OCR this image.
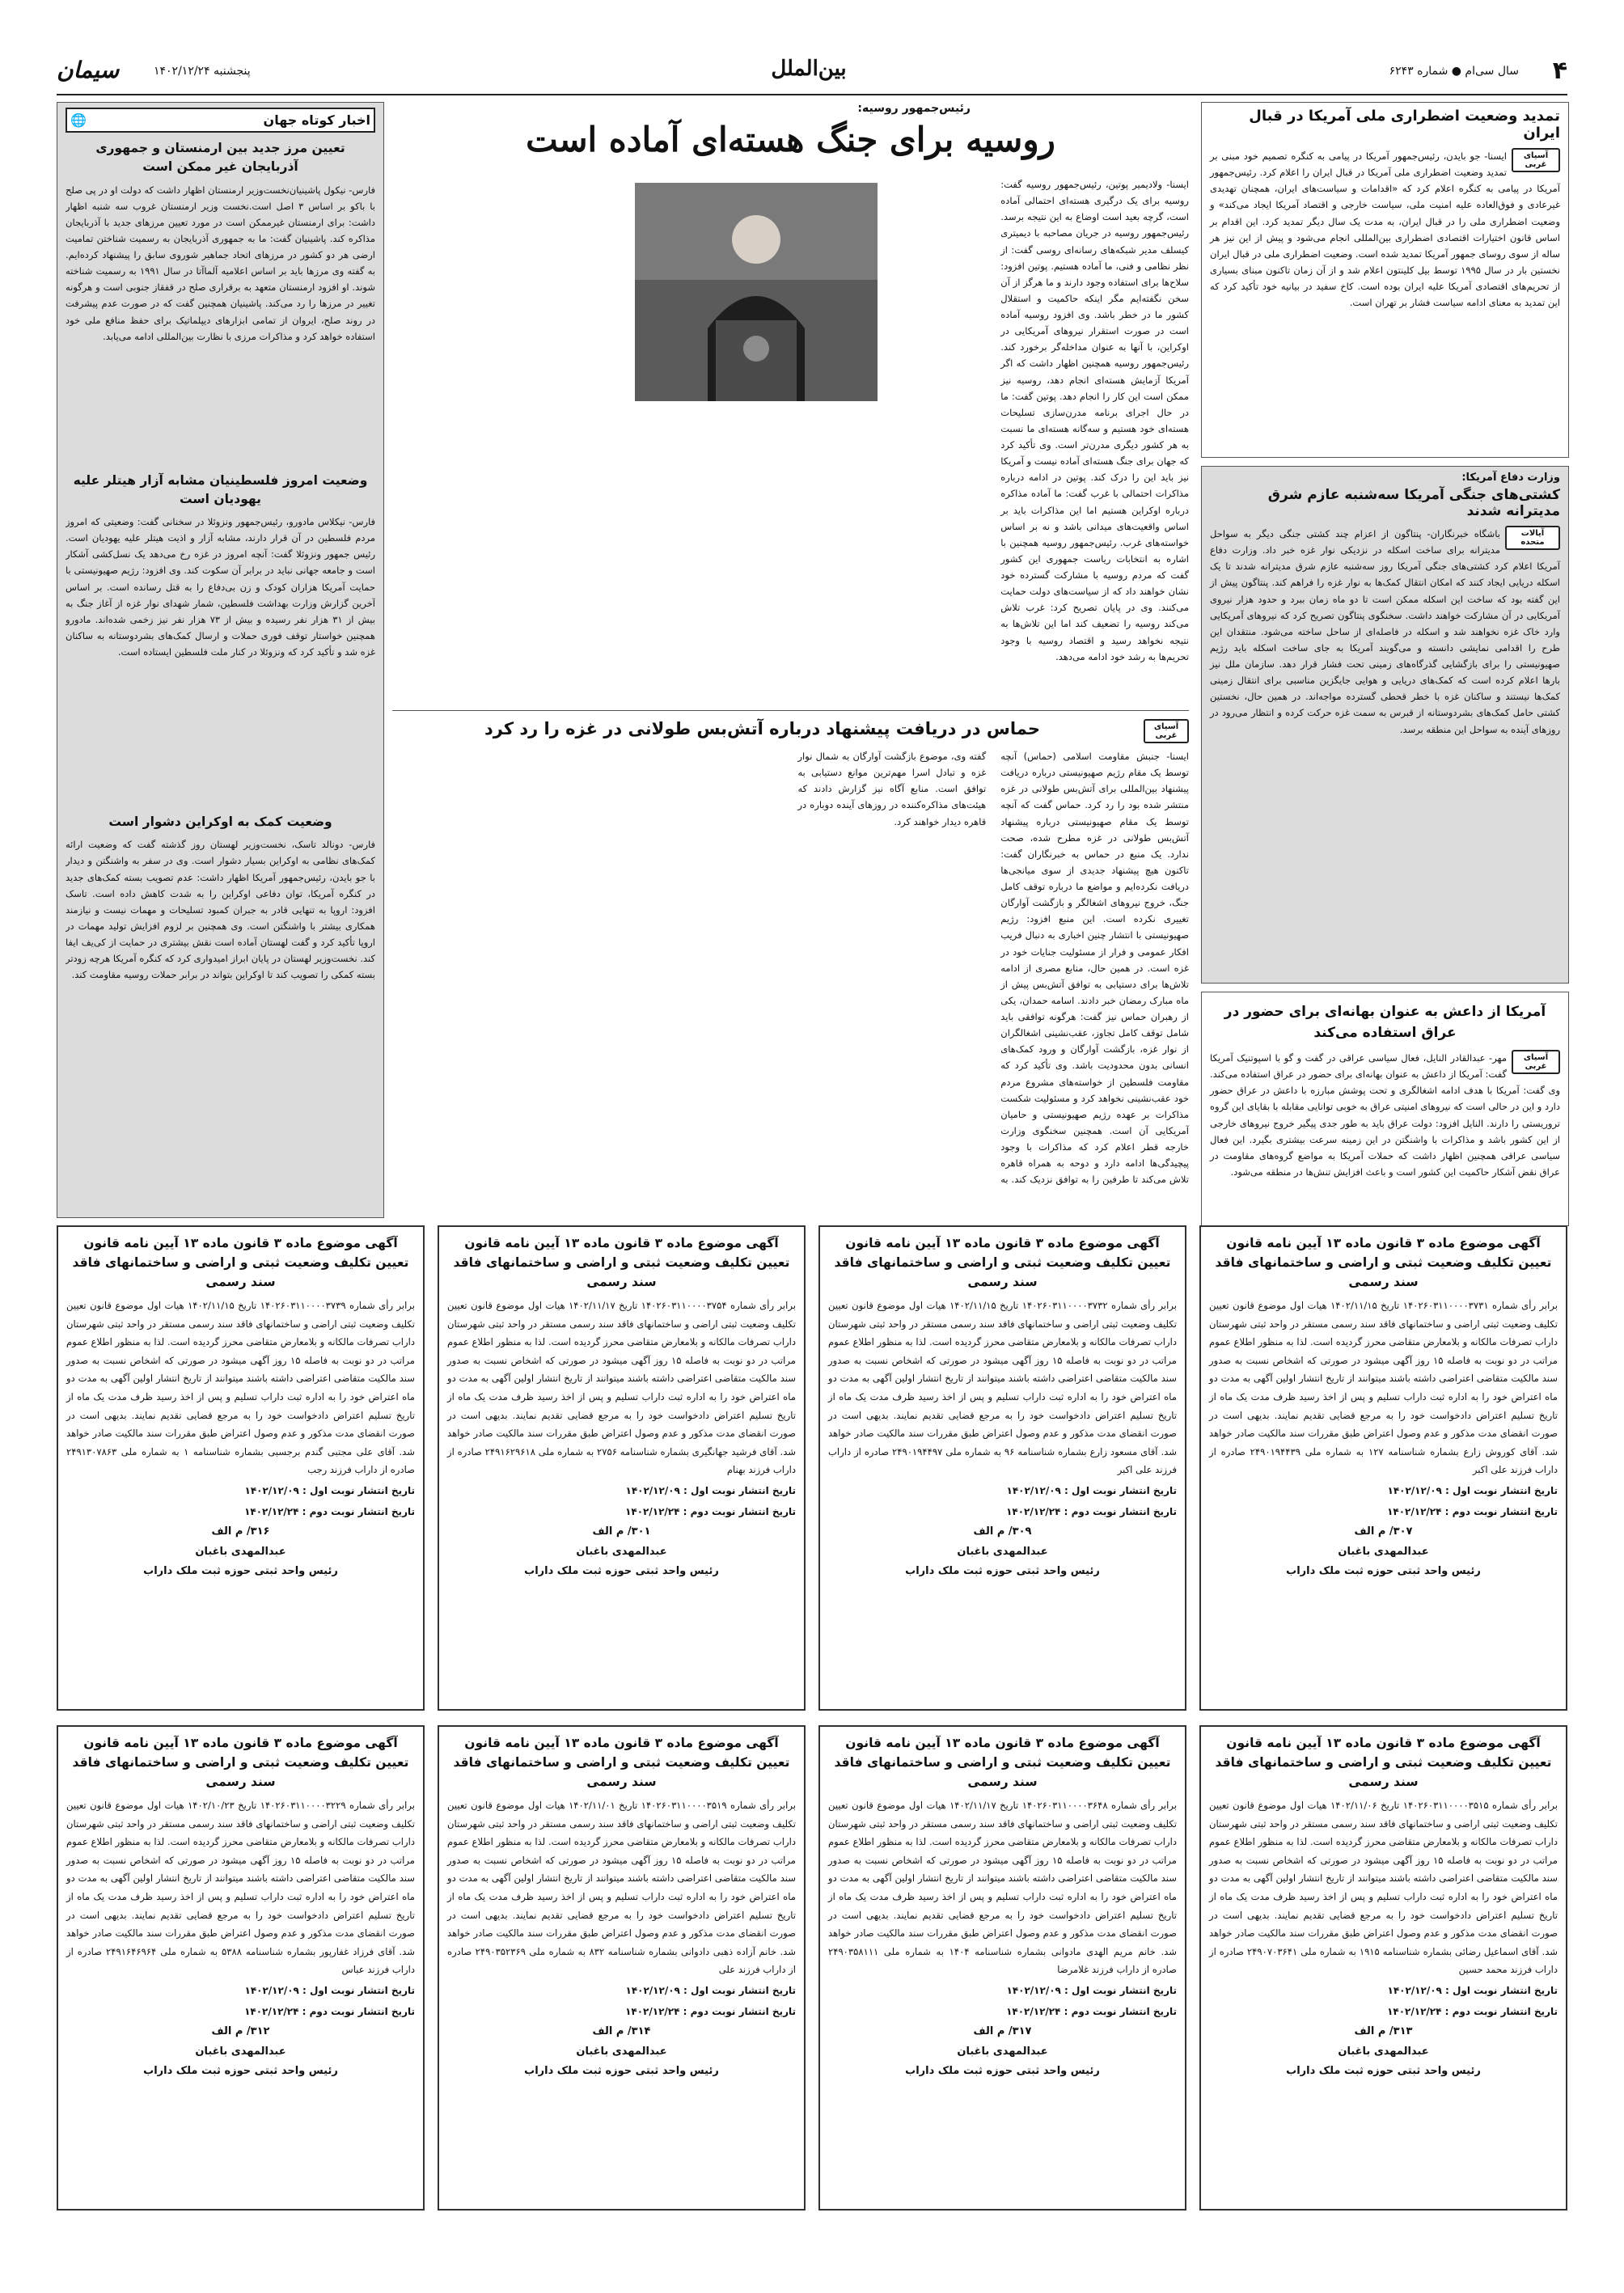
۴
سال سی‌ام ● شماره ۶۲۴۳
بین‌الملل
پنجشنبه ۱۴۰۲/۱۲/۲۴
سیمان
تمدید وضعیت اضطراری ملی آمریکا در قبال ایران
آسیای غربی

ایسنا- جو بایدن، رئیس‌جمهور آمریکا در پیامی به کنگره تصمیم خود مبنی بر تمدید وضعیت اضطراری ملی آمریکا در قبال ایران را اعلام کرد. رئیس‌جمهور آمریکا در پیامی به کنگره اعلام کرد که «اقدامات و سیاست‌های ایران، همچنان تهدیدی غیرعادی و فوق‌العاده علیه امنیت ملی، سیاست خارجی و اقتصاد آمریکا ایجاد می‌کند» و وضعیت اضطراری ملی را در قبال ایران، به مدت یک سال دیگر تمدید کرد. این اقدام بر اساس قانون اختیارات اقتصادی اضطراری بین‌المللی انجام می‌شود و پیش از این نیز هر ساله از سوی روسای جمهور آمریکا تمدید شده است. وضعیت اضطراری ملی در قبال ایران نخستین بار در سال ۱۹۹۵ توسط بیل کلینتون اعلام شد و از آن زمان تاکنون مبنای بسیاری از تحریم‌های اقتصادی آمریکا علیه ایران بوده است. کاخ سفید در بیانیه خود تأکید کرد که این تمدید به معنای ادامه سیاست فشار بر تهران است.

وزارت دفاع آمریکا:
کشتی‌های جنگی آمریکا سه‌شنبه عازم شرق مدیترانه شدند
آیالات متحده

باشگاه خبرنگاران- پنتاگون از اعزام چند کشتی جنگی دیگر به سواحل مدیترانه برای ساخت اسکله در نزدیکی نوار غزه خبر داد. وزارت دفاع آمریکا اعلام کرد کشتی‌های جنگی آمریکا روز سه‌شنبه عازم شرق مدیترانه شدند تا یک اسکله دریایی ایجاد کنند که امکان انتقال کمک‌ها به نوار غزه را فراهم کند. پنتاگون پیش از این گفته بود که ساخت این اسکله ممکن است تا دو ماه زمان ببرد و حدود هزار نیروی آمریکایی در آن مشارکت خواهند داشت. سخنگوی پنتاگون تصریح کرد که نیروهای آمریکایی وارد خاک غزه نخواهند شد و اسکله در فاصله‌ای از ساحل ساخته می‌شود. منتقدان این طرح را اقدامی نمایشی دانسته و می‌گویند آمریکا به جای ساخت اسکله باید رژیم صهیونیستی را برای بازگشایی گذرگاه‌های زمینی تحت فشار قرار دهد. سازمان ملل نیز بارها اعلام کرده است که کمک‌های دریایی و هوایی جایگزین مناسبی برای انتقال زمینی کمک‌ها نیستند و ساکنان غزه با خطر قحطی گسترده مواجه‌اند. در همین حال، نخستین کشتی حامل کمک‌های بشردوستانه از قبرس به سمت غزه حرکت کرده و انتظار می‌رود در روزهای آینده به سواحل این منطقه برسد.

آمریکا از داعش به عنوان بهانه‌ای برای حضور در عراق استفاده می‌کند
آسیای غربی

مهر- عبدالقادر النایل، فعال سیاسی عراقی در گفت و گو با اسپوتنیک آمریکا گفت: آمریکا از داعش به عنوان بهانه‌ای برای حضور در عراق استفاده می‌کند. وی گفت: آمریکا با هدف ادامه اشغالگری و تحت پوشش مبارزه با داعش در عراق حضور دارد و این در حالی است که نیروهای امنیتی عراق به خوبی توانایی مقابله با بقایای این گروه تروریستی را دارند. النایل افزود: دولت عراق باید به طور جدی پیگیر خروج نیروهای خارجی از این کشور باشد و مذاکرات با واشنگتن در این زمینه سرعت بیشتری بگیرد. این فعال سیاسی عراقی همچنین اظهار داشت که حملات آمریکا به مواضع گروه‌های مقاومت در عراق نقض آشکار حاکمیت این کشور است و باعث افزایش تنش‌ها در منطقه می‌شود.

رئیس‌جمهور روسیه:
روسیه برای جنگ هسته‌ای آماده است

ایسنا- ولادیمیر پوتین، رئیس‌جمهور روسیه گفت: روسیه برای یک درگیری هسته‌ای احتمالی آماده است، گرچه بعید است اوضاع به این نتیجه برسد. رئیس‌جمهور روسیه در جریان مصاحبه با دیمیتری کیسلف مدیر شبکه‌های رسانه‌ای روسی گفت: از نظر نظامی و فنی، ما آماده هستیم. پوتین افزود: سلاح‌ها برای استفاده وجود دارند و ما هرگز از آن سخن نگفته‌ایم مگر اینکه حاکمیت و استقلال کشور ما در خطر باشد. وی افزود روسیه آماده است در صورت استقرار نیروهای آمریکایی در اوکراین، با آنها به عنوان مداخله‌گر برخورد کند. رئیس‌جمهور روسیه همچنین اظهار داشت که اگر آمریکا آزمایش هسته‌ای انجام دهد، روسیه نیز ممکن است این کار را انجام دهد. پوتین گفت: ما در حال اجرای برنامه مدرن‌سازی تسلیحات هسته‌ای خود هستیم و سه‌گانه هسته‌ای ما نسبت به هر کشور دیگری مدرن‌تر است. وی تأکید کرد که جهان برای جنگ هسته‌ای آماده نیست و آمریکا نیز باید این را درک کند. پوتین در ادامه درباره مذاکرات احتمالی با غرب گفت: ما آماده مذاکره درباره اوکراین هستیم اما این مذاکرات باید بر اساس واقعیت‌های میدانی باشد و نه بر اساس خواسته‌های غرب. رئیس‌جمهور روسیه همچنین با اشاره به انتخابات ریاست جمهوری این کشور گفت که مردم روسیه با مشارکت گسترده خود نشان خواهند داد که از سیاست‌های دولت حمایت می‌کنند. وی در پایان تصریح کرد: غرب تلاش می‌کند روسیه را تضعیف کند اما این تلاش‌ها به نتیجه نخواهد رسید و اقتصاد روسیه با وجود تحریم‌ها به رشد خود ادامه می‌دهد.

🌐	اخبار کوتاه جهان
تعیین مرز جدید بین ارمنستان و جمهوری آذربایجان غیر ممکن است

فارس- نیکول پاشینیان‌نخست‌وزیر ارمنستان اظهار داشت که دولت او در پی صلح با باکو بر اساس ۳ اصل است.نخست وزیر ارمنستان غروب سه شنبه اظهار داشت: برای ارمنستان غیرممکن است در مورد تعیین مرزهای جدید با آذربایجان مذاکره کند. پاشینیان گفت: ما به جمهوری آذربایجان به رسمیت شناختن تمامیت ارضی هر دو کشور در مرزهای اتحاد جماهیر شوروی سابق را پیشنهاد کرده‌ایم. به گفته وی مرزها باید بر اساس اعلامیه آلماآتا در سال ۱۹۹۱ به رسمیت شناخته شوند. او افزود ارمنستان متعهد به برقراری صلح در قفقاز جنوبی است و هرگونه تغییر در مرزها را رد می‌کند. پاشینیان همچنین گفت که در صورت عدم پیشرفت در روند صلح، ایروان از تمامی ابزارهای دیپلماتیک برای حفظ منافع ملی خود استفاده خواهد کرد و مذاکرات مرزی با نظارت بین‌المللی ادامه می‌یابد.

وضعیت امروز فلسطینیان مشابه آزار هیتلر علیه یهودیان است

فارس- نیکلاس مادورو، رئیس‌جمهور ونزوئلا در سخنانی گفت: وضعیتی که امروز مردم فلسطین در آن قرار دارند، مشابه آزار و اذیت هیتلر علیه یهودیان است. رئیس جمهور ونزوئلا گفت: آنچه امروز در غزه رخ می‌دهد یک نسل‌کشی آشکار است و جامعه جهانی نباید در برابر آن سکوت کند. وی افزود: رژیم صهیونیستی با حمایت آمریکا هزاران کودک و زن بی‌دفاع را به قتل رسانده است. بر اساس آخرین گزارش وزارت بهداشت فلسطین، شمار شهدای نوار غزه از آغاز جنگ به بیش از ۳۱ هزار نفر رسیده و بیش از ۷۳ هزار نفر نیز زخمی شده‌اند. مادورو همچنین خواستار توقف فوری حملات و ارسال کمک‌های بشردوستانه به ساکنان غزه شد و تأکید کرد که ونزوئلا در کنار ملت فلسطین ایستاده است.

وضعیت کمک به اوکراین دشوار است

فارس- دونالد تاسک، نخست‌وزیر لهستان روز گذشته گفت که وضعیت ارائه کمک‌های نظامی به اوکراین بسیار دشوار است. وی در سفر به واشنگتن و دیدار با جو بایدن، رئیس‌جمهور آمریکا اظهار داشت: عدم تصویب بسته کمک‌های جدید در کنگره آمریکا، توان دفاعی اوکراین را به شدت کاهش داده است. تاسک افزود: اروپا به تنهایی قادر به جبران کمبود تسلیحات و مهمات نیست و نیازمند همکاری بیشتر با واشنگتن است. وی همچنین بر لزوم افزایش تولید مهمات در اروپا تأکید کرد و گفت لهستان آماده است نقش بیشتری در حمایت از کی‌یف ایفا کند. نخست‌وزیر لهستان در پایان ابراز امیدواری کرد که کنگره آمریکا هرچه زودتر بسته کمکی را تصویب کند تا اوکراین بتواند در برابر حملات روسیه مقاومت کند.

آسیای غربی
حماس در دریافت پیشنهاد درباره آتش‌بس طولانی در غزه را رد کرد

ایسنا- جنبش مقاومت اسلامی (حماس) آنچه توسط یک مقام رژیم صهیونیستی درباره دریافت پیشنهاد بین‌المللی برای آتش‌بس طولانی در غزه منتشر شده بود را رد کرد. حماس گفت که آنچه توسط یک مقام صهیونیستی درباره پیشنهاد آتش‌بس طولانی در غزه مطرح شده، صحت ندارد. یک منبع در حماس به خبرنگاران گفت: تاکنون هیچ پیشنهاد جدیدی از سوی میانجی‌ها دریافت نکرده‌ایم و مواضع ما درباره توقف کامل جنگ، خروج نیروهای اشغالگر و بازگشت آوارگان تغییری نکرده است. این منبع افزود: رژیم صهیونیستی با انتشار چنین اخباری به دنبال فریب افکار عمومی و فرار از مسئولیت جنایات خود در غزه است. در همین حال، منابع مصری از ادامه تلاش‌ها برای دستیابی به توافق آتش‌بس پیش از ماه مبارک رمضان خبر دادند. اسامه حمدان، یکی از رهبران حماس نیز گفت: هرگونه توافقی باید شامل توقف کامل تجاوز، عقب‌نشینی اشغالگران از نوار غزه، بازگشت آوارگان و ورود کمک‌های انسانی بدون محدودیت باشد. وی تأکید کرد که مقاومت فلسطین از خواسته‌های مشروع مردم خود عقب‌نشینی نخواهد کرد و مسئولیت شکست مذاکرات بر عهده رژیم صهیونیستی و حامیان آمریکایی آن است. همچنین سخنگوی وزارت خارجه قطر اعلام کرد که مذاکرات با وجود پیچیدگی‌ها ادامه دارد و دوحه به همراه قاهره تلاش می‌کند تا طرفین را به توافق نزدیک کند. به گفته وی، موضوع بازگشت آوارگان به شمال نوار غزه و تبادل اسرا مهم‌ترین موانع دستیابی به توافق است. منابع آگاه نیز گزارش دادند که هیئت‌های مذاکره‌کننده در روزهای آینده دوباره در قاهره دیدار خواهند کرد.

آگهی موضوع ماده ۳ قانون ماده ۱۳ آیین نامه قانون تعیین تکلیف وضعیت ثبتی و اراضی و ساختمانهای فاقد سند رسمی

برابر رأی شماره ۱۴۰۲۶۰۳۱۱۰۰۰۰۳۷۳۱ تاریخ ۱۴۰۲/۱۱/۱۵ هیات اول موضوع قانون تعیین تکلیف وضعیت ثبتی اراضی و ساختمانهای فاقد سند رسمی مستقر در واحد ثبتی شهرستان داراب تصرفات مالکانه و بلامعارض متقاضی محرز گردیده است. لذا به منظور اطلاع عموم مراتب در دو نوبت به فاصله ۱۵ روز آگهی میشود در صورتی که اشخاص نسبت به صدور سند مالکیت متقاضی اعتراضی داشته باشند میتوانند از تاریخ انتشار اولین آگهی به مدت دو ماه اعتراض خود را به اداره ثبت داراب تسلیم و پس از اخذ رسید ظرف مدت یک ماه از تاریخ تسلیم اعتراض دادخواست خود را به مرجع قضایی تقدیم نمایند. بدیهی است در صورت انقضای مدت مذکور و عدم وصول اعتراض طبق مقررات سند مالکیت صادر خواهد شد. آقای کوروش زارع بشماره شناسنامه ۱۲۷ به شماره ملی ۲۴۹۰۱۹۴۴۳۹ صادره از داراب فرزند علی اکبر

تاریخ انتشار نوبت اول : ۱۴۰۲/۱۲/۰۹
تاریخ انتشار نوبت دوم : ۱۴۰۲/۱۲/۲۴
۳۰۷/ م الف
عبدالمهدی باغبان
رئیس واحد ثبتی حوزه ثبت ملک داراب
آگهی موضوع ماده ۳ قانون ماده ۱۳ آیین نامه قانون تعیین تکلیف وضعیت ثبتی و اراضی و ساختمانهای فاقد سند رسمی

برابر رأی شماره ۱۴۰۲۶۰۳۱۱۰۰۰۰۳۷۳۲ تاریخ ۱۴۰۲/۱۱/۱۵ هیات اول موضوع قانون تعیین تکلیف وضعیت ثبتی اراضی و ساختمانهای فاقد سند رسمی مستقر در واحد ثبتی شهرستان داراب تصرفات مالکانه و بلامعارض متقاضی محرز گردیده است. لذا به منظور اطلاع عموم مراتب در دو نوبت به فاصله ۱۵ روز آگهی میشود در صورتی که اشخاص نسبت به صدور سند مالکیت متقاضی اعتراضی داشته باشند میتوانند از تاریخ انتشار اولین آگهی به مدت دو ماه اعتراض خود را به اداره ثبت داراب تسلیم و پس از اخذ رسید ظرف مدت یک ماه از تاریخ تسلیم اعتراض دادخواست خود را به مرجع قضایی تقدیم نمایند. بدیهی است در صورت انقضای مدت مذکور و عدم وصول اعتراض طبق مقررات سند مالکیت صادر خواهد شد. آقای مسعود زارع بشماره شناسنامه ۹۶ به شماره ملی ۲۴۹۰۱۹۴۴۹۷ صادره از داراب فرزند علی اکبر

تاریخ انتشار نوبت اول : ۱۴۰۲/۱۲/۰۹
تاریخ انتشار نوبت دوم : ۱۴۰۲/۱۲/۲۴
۳۰۹/ م الف
عبدالمهدی باغبان
رئیس واحد ثبتی حوزه ثبت ملک داراب
آگهی موضوع ماده ۳ قانون ماده ۱۳ آیین نامه قانون تعیین تکلیف وضعیت ثبتی و اراضی و ساختمانهای فاقد سند رسمی

برابر رأی شماره ۱۴۰۲۶۰۳۱۱۰۰۰۰۳۷۵۴ تاریخ ۱۴۰۲/۱۱/۱۷ هیات اول موضوع قانون تعیین تکلیف وضعیت ثبتی اراضی و ساختمانهای فاقد سند رسمی مستقر در واحد ثبتی شهرستان داراب تصرفات مالکانه و بلامعارض متقاضی محرز گردیده است. لذا به منظور اطلاع عموم مراتب در دو نوبت به فاصله ۱۵ روز آگهی میشود در صورتی که اشخاص نسبت به صدور سند مالکیت متقاضی اعتراضی داشته باشند میتوانند از تاریخ انتشار اولین آگهی به مدت دو ماه اعتراض خود را به اداره ثبت داراب تسلیم و پس از اخذ رسید ظرف مدت یک ماه از تاریخ تسلیم اعتراض دادخواست خود را به مرجع قضایی تقدیم نمایند. بدیهی است در صورت انقضای مدت مذکور و عدم وصول اعتراض طبق مقررات سند مالکیت صادر خواهد شد. آقای فرشید جهانگیری بشماره شناسنامه ۲۷۵۶ به شماره ملی ۲۴۹۱۶۲۹۶۱۸ صادره از داراب فرزند بهنام

تاریخ انتشار نوبت اول : ۱۴۰۲/۱۲/۰۹
تاریخ انتشار نوبت دوم : ۱۴۰۲/۱۲/۲۴
۳۰۱/ م الف
عبدالمهدی باغبان
رئیس واحد ثبتی حوزه ثبت ملک داراب
آگهی موضوع ماده ۳ قانون ماده ۱۳ آیین نامه قانون تعیین تکلیف وضعیت ثبتی و اراضی و ساختمانهای فاقد سند رسمی

برابر رأی شماره ۱۴۰۲۶۰۳۱۱۰۰۰۰۳۷۳۹ تاریخ ۱۴۰۲/۱۱/۱۵ هیات اول موضوع قانون تعیین تکلیف وضعیت ثبتی اراضی و ساختمانهای فاقد سند رسمی مستقر در واحد ثبتی شهرستان داراب تصرفات مالکانه و بلامعارض متقاضی محرز گردیده است. لذا به منظور اطلاع عموم مراتب در دو نوبت به فاصله ۱۵ روز آگهی میشود در صورتی که اشخاص نسبت به صدور سند مالکیت متقاضی اعتراضی داشته باشند میتوانند از تاریخ انتشار اولین آگهی به مدت دو ماه اعتراض خود را به اداره ثبت داراب تسلیم و پس از اخذ رسید ظرف مدت یک ماه از تاریخ تسلیم اعتراض دادخواست خود را به مرجع قضایی تقدیم نمایند. بدیهی است در صورت انقضای مدت مذکور و عدم وصول اعتراض طبق مقررات سند مالکیت صادر خواهد شد. آقای علی مجتبی گندم برجسبی بشماره شناسنامه ۱ به شماره ملی ۲۴۹۱۳۰۷۸۶۳ صادره از داراب فرزند رجب

تاریخ انتشار نوبت اول : ۱۴۰۲/۱۲/۰۹
تاریخ انتشار نوبت دوم : ۱۴۰۲/۱۲/۲۴
۳۱۶/ م الف
عبدالمهدی باغبان
رئیس واحد ثبتی حوزه ثبت ملک داراب
آگهی موضوع ماده ۳ قانون ماده ۱۳ آیین نامه قانون تعیین تکلیف وضعیت ثبتی و اراضی و ساختمانهای فاقد سند رسمی

برابر رأی شماره ۱۴۰۲۶۰۳۱۱۰۰۰۰۳۵۱۵ تاریخ ۱۴۰۲/۱۱/۰۶ هیات اول موضوع قانون تعیین تکلیف وضعیت ثبتی اراضی و ساختمانهای فاقد سند رسمی مستقر در واحد ثبتی شهرستان داراب تصرفات مالکانه و بلامعارض متقاضی محرز گردیده است. لذا به منظور اطلاع عموم مراتب در دو نوبت به فاصله ۱۵ روز آگهی میشود در صورتی که اشخاص نسبت به صدور سند مالکیت متقاضی اعتراضی داشته باشند میتوانند از تاریخ انتشار اولین آگهی به مدت دو ماه اعتراض خود را به اداره ثبت داراب تسلیم و پس از اخذ رسید ظرف مدت یک ماه از تاریخ تسلیم اعتراض دادخواست خود را به مرجع قضایی تقدیم نمایند. بدیهی است در صورت انقضای مدت مذکور و عدم وصول اعتراض طبق مقررات سند مالکیت صادر خواهد شد. آقای اسماعیل رضائی بشماره شناسنامه ۱۹۱۵ به شماره ملی ۲۴۹۰۷۰۳۶۴۱ صادره از داراب فرزند محمد حسین

تاریخ انتشار نوبت اول : ۱۴۰۲/۱۲/۰۹
تاریخ انتشار نوبت دوم : ۱۴۰۲/۱۲/۲۴
۳۱۳/ م الف
عبدالمهدی باغبان
رئیس واحد ثبتی حوزه ثبت ملک داراب
آگهی موضوع ماده ۳ قانون ماده ۱۳ آیین نامه قانون تعیین تکلیف وضعیت ثبتی و اراضی و ساختمانهای فاقد سند رسمی

برابر رأی شماره ۱۴۰۲۶۰۳۱۱۰۰۰۰۳۶۴۸ تاریخ ۱۴۰۲/۱۱/۱۷ هیات اول موضوع قانون تعیین تکلیف وضعیت ثبتی اراضی و ساختمانهای فاقد سند رسمی مستقر در واحد ثبتی شهرستان داراب تصرفات مالکانه و بلامعارض متقاضی محرز گردیده است. لذا به منظور اطلاع عموم مراتب در دو نوبت به فاصله ۱۵ روز آگهی میشود در صورتی که اشخاص نسبت به صدور سند مالکیت متقاضی اعتراضی داشته باشند میتوانند از تاریخ انتشار اولین آگهی به مدت دو ماه اعتراض خود را به اداره ثبت داراب تسلیم و پس از اخذ رسید ظرف مدت یک ماه از تاریخ تسلیم اعتراض دادخواست خود را به مرجع قضایی تقدیم نمایند. بدیهی است در صورت انقضای مدت مذکور و عدم وصول اعتراض طبق مقررات سند مالکیت صادر خواهد شد. خانم مریم الهدی مادوانی بشماره شناسنامه ۱۴۰۴ به شماره ملی ۲۴۹۰۳۵۸۱۱۱ صادره از داراب فرزند غلامرضا

تاریخ انتشار نوبت اول : ۱۴۰۲/۱۲/۰۹
تاریخ انتشار نوبت دوم : ۱۴۰۲/۱۲/۲۴
۳۱۷/ م الف
عبدالمهدی باغبان
رئیس واحد ثبتی حوزه ثبت ملک داراب
آگهی موضوع ماده ۳ قانون ماده ۱۳ آیین نامه قانون تعیین تکلیف وضعیت ثبتی و اراضی و ساختمانهای فاقد سند رسمی

برابر رأی شماره ۱۴۰۲۶۰۳۱۱۰۰۰۰۳۵۱۹ تاریخ ۱۴۰۲/۱۱/۰۱ هیات اول موضوع قانون تعیین تکلیف وضعیت ثبتی اراضی و ساختمانهای فاقد سند رسمی مستقر در واحد ثبتی شهرستان داراب تصرفات مالکانه و بلامعارض متقاضی محرز گردیده است. لذا به منظور اطلاع عموم مراتب در دو نوبت به فاصله ۱۵ روز آگهی میشود در صورتی که اشخاص نسبت به صدور سند مالکیت متقاضی اعتراضی داشته باشند میتوانند از تاریخ انتشار اولین آگهی به مدت دو ماه اعتراض خود را به اداره ثبت داراب تسلیم و پس از اخذ رسید ظرف مدت یک ماه از تاریخ تسلیم اعتراض دادخواست خود را به مرجع قضایی تقدیم نمایند. بدیهی است در صورت انقضای مدت مذکور و عدم وصول اعتراض طبق مقررات سند مالکیت صادر خواهد شد. خانم آزاده ذهبی دادوانی بشماره شناسنامه ۸۳۲ به شماره ملی ۲۴۹۰۳۵۲۳۶۹ صادره از داراب فرزند علی

تاریخ انتشار نوبت اول : ۱۴۰۲/۱۲/۰۹
تاریخ انتشار نوبت دوم : ۱۴۰۲/۱۲/۲۴
۳۱۴/ م الف
عبدالمهدی باغبان
رئیس واحد ثبتی حوزه ثبت ملک داراب
آگهی موضوع ماده ۳ قانون ماده ۱۳ آیین نامه قانون تعیین تکلیف وضعیت ثبتی و اراضی و ساختمانهای فاقد سند رسمی

برابر رأی شماره ۱۴۰۲۶۰۳۱۱۰۰۰۰۳۲۲۹ تاریخ ۱۴۰۲/۱۰/۲۳ هیات اول موضوع قانون تعیین تکلیف وضعیت ثبتی اراضی و ساختمانهای فاقد سند رسمی مستقر در واحد ثبتی شهرستان داراب تصرفات مالکانه و بلامعارض متقاضی محرز گردیده است. لذا به منظور اطلاع عموم مراتب در دو نوبت به فاصله ۱۵ روز آگهی میشود در صورتی که اشخاص نسبت به صدور سند مالکیت متقاضی اعتراضی داشته باشند میتوانند از تاریخ انتشار اولین آگهی به مدت دو ماه اعتراض خود را به اداره ثبت داراب تسلیم و پس از اخذ رسید ظرف مدت یک ماه از تاریخ تسلیم اعتراض دادخواست خود را به مرجع قضایی تقدیم نمایند. بدیهی است در صورت انقضای مدت مذکور و عدم وصول اعتراض طبق مقررات سند مالکیت صادر خواهد شد. آقای فرزاد غفارپور بشماره شناسنامه ۵۳۸۸ به شماره ملی ۲۴۹۱۶۴۶۹۶۴ صادره از داراب فرزند عباس

تاریخ انتشار نوبت اول : ۱۴۰۲/۱۲/۰۹
تاریخ انتشار نوبت دوم : ۱۴۰۲/۱۲/۲۴
۳۱۲/ م الف
عبدالمهدی باغبان
رئیس واحد ثبتی حوزه ثبت ملک داراب
